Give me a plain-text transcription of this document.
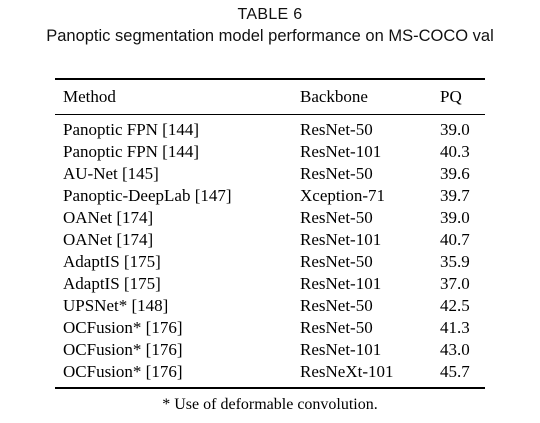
TABLE 6
Panoptic segmentation model performance on MS-COCO val
Method	Backbone	PQ
Panoptic FPN [144]	ResNet-50	39.0
Panoptic FPN [144]	ResNet-101	40.3
AU-Net [145]	ResNet-50	39.6
Panoptic-DeepLab [147]	Xception-71	39.7
OANet [174]	ResNet-50	39.0
OANet [174]	ResNet-101	40.7
AdaptIS [175]	ResNet-50	35.9
AdaptIS [175]	ResNet-101	37.0
UPSNet* [148]	ResNet-50	42.5
OCFusion* [176]	ResNet-50	41.3
OCFusion* [176]	ResNet-101	43.0
OCFusion* [176]	ResNeXt-101	45.7
* Use of deformable convolution.
